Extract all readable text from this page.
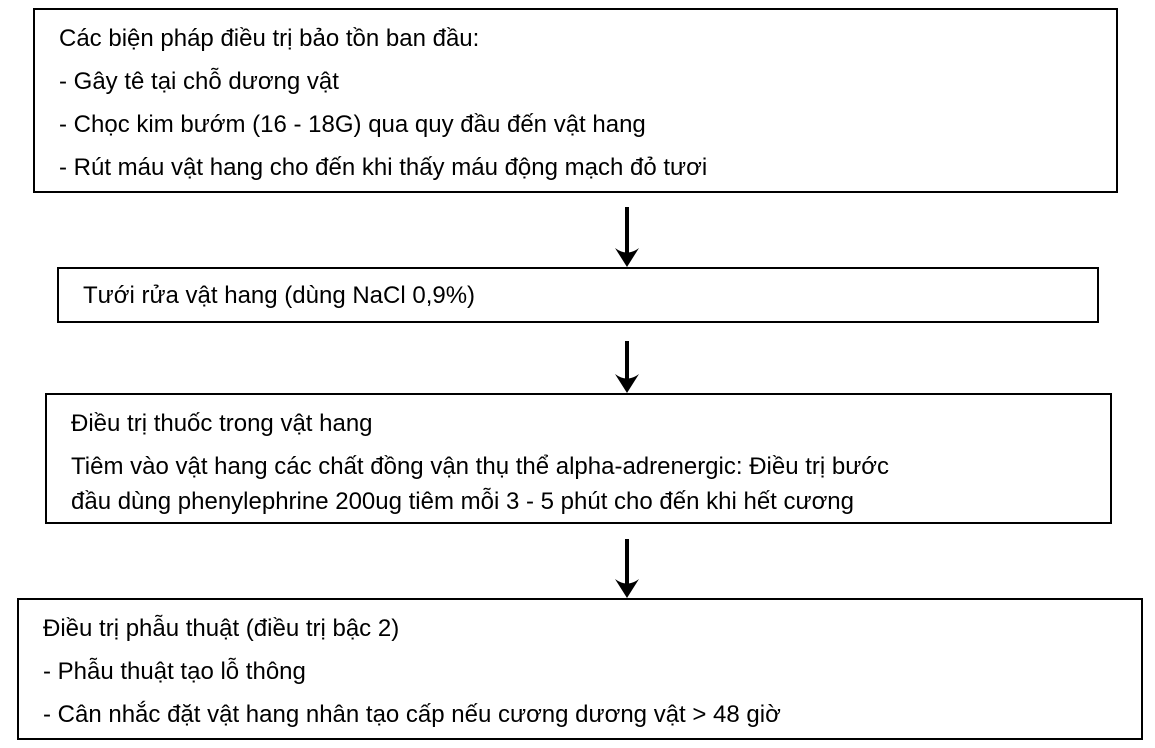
Các biện pháp điều trị bảo tồn ban đầu:
- Gây tê tại chỗ dương vật
- Chọc kim bướm (16 - 18G) qua quy đầu đến vật hang
- Rút máu vật hang cho đến khi thấy máu động mạch đỏ tươi
Tưới rửa vật hang (dùng NaCl 0,9%)
Điều trị thuốc trong vật hang
Tiêm vào vật hang các chất đồng vận thụ thể alpha-adrenergic: Điều trị bước
đầu dùng phenylephrine 200ug tiêm mỗi 3 - 5 phút cho đến khi hết cương
Điều trị phẫu thuật (điều trị bậc 2)
- Phẫu thuật tạo lỗ thông
- Cân nhắc đặt vật hang nhân tạo cấp nếu cương dương vật > 48 giờ
